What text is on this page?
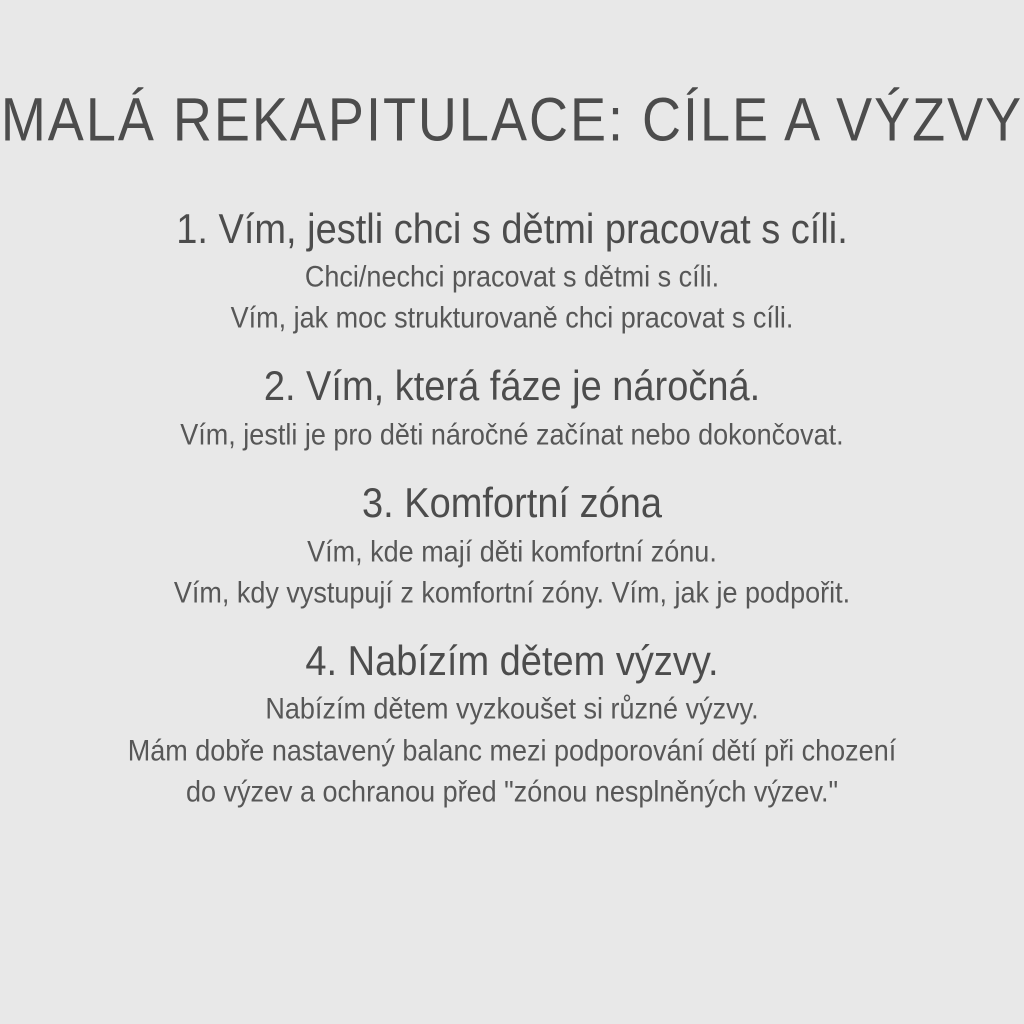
MALÁ REKAPITULACE: CÍLE A VÝZVY
1. Vím, jestli chci s dětmi pracovat s cíli.
Chci/nechci pracovat s dětmi s cíli.
Vím, jak moc strukturovaně chci pracovat s cíli.
2. Vím, která fáze je náročná.
Vím, jestli je pro děti náročné začínat nebo dokončovat.
3. Komfortní zóna
Vím, kde mají děti komfortní zónu.
Vím, kdy vystupují z komfortní zóny. Vím, jak je podpořit.
4. Nabízím dětem výzvy.
Nabízím dětem vyzkoušet si různé výzvy.
Mám dobře nastavený balanc mezi podporování dětí při chození
do výzev a ochranou před "zónou nesplněných výzev."
